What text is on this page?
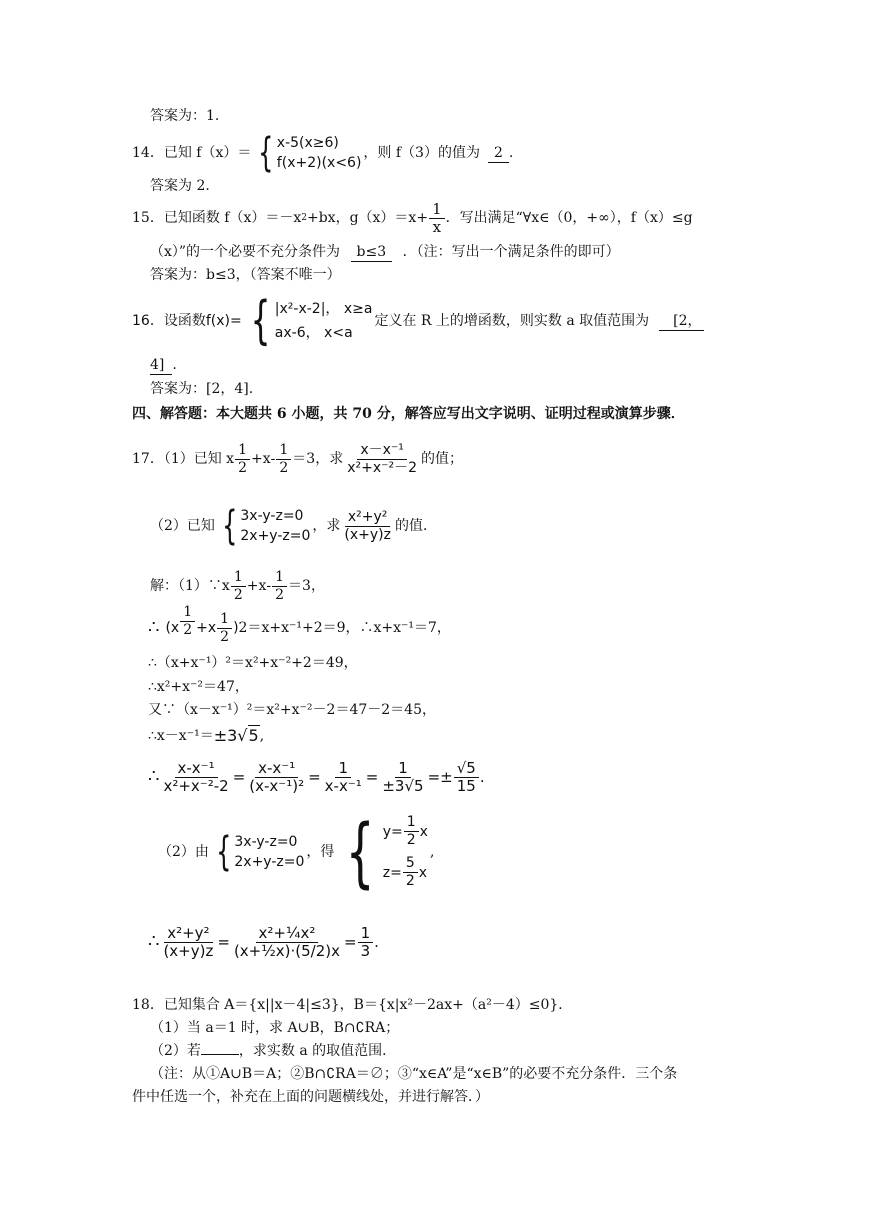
答案为：1.
14．已知 f（x）＝ { x-5(x≥6)
f(x+2)(x<6)
，则 f（3）的值为	2 .
答案为 2.
15．已知函数 f（x）＝－x 2 +bx，$g(x)=x+ \frac{1}{x}$ ．写出满足“∀x∈（0，+∞），f（x）≤g
（x）”的一个必要不充分条件为 b≤3 ．（注：写出一个满足条件的即可）
答案为：b≤3，（答案不唯一）
16．设函数f(x)= { |x²-x-2|， x≥a
ax-6， x<a
定义在 R 上的增函数，则实数 a 取值范围为	[2，
4] .
答案为：[2，4].
四、解答题：本大题共 6 小题，共 70 分，解答应写出文字说明、证明过程或演算步骤．
17．（1）已知 x $\frac{1}{2} +x - \frac{1}{2} =3$，求 $\frac{\text{x－x⁻¹}}{\text{x²+x⁻²－2}}$ 的值；
（2）已知 { 3x-y-z=0
2x+y-z=0
，求 $\frac{\text{x²+y²}}{(x+y)z}$ 的值．
解：（1）∵x $\frac{1}{2} +x - \frac{1}{2} =3$，
∴ ($x \frac{1}{2} +x \frac{1}{2}$ ) 2＝x+x⁻¹+2＝9，∴x+x⁻¹＝7，
∴（x+x⁻¹）²＝x²+x⁻²+2＝49，
∴x²+x⁻²＝47，
又∵（x－x⁻¹）²＝x²+x⁻²－2＝47－2＝45，
∴x－x⁻¹＝ ±3 √5 ,
∴ $\frac{\text{x-x⁻¹}}{\text{x²+x⁻²-2}} = \frac{\text{x-x⁻¹}}{\text{(x-x⁻¹)²}} = \frac{1}{\text{x-x⁻¹}} = \frac{1}{\pm 3√5}$ = ± $\frac{√5}{15}$ .
（2）由 { 3x-y-z=0
2x+y-z=0
，得 { $y= \frac{1}{2}$ x
$z= \frac{5}{2}$ x
,
∴ $\frac{\text{x²+y²}}{(x+y)z} = \frac{\text{x²+¼x²}}{\text{(x+½x)·(5/2)x}} = \frac{1}{3}$ .
18．已知集合 A＝{x||x－4|≤3}，B＝{x|x²－2ax+（a²－4）≤0}．
（1）当 a＝1 时，求 A∪B，B∩∁RA；
（2）若	，求实数 a 的取值范围．
（注：从①A∪B＝A；②B∩∁RA＝∅；③“x∈A”是“x∈B”的必要不充分条件．三个条
件中任选一个，补充在上面的问题横线处，并进行解答．）
